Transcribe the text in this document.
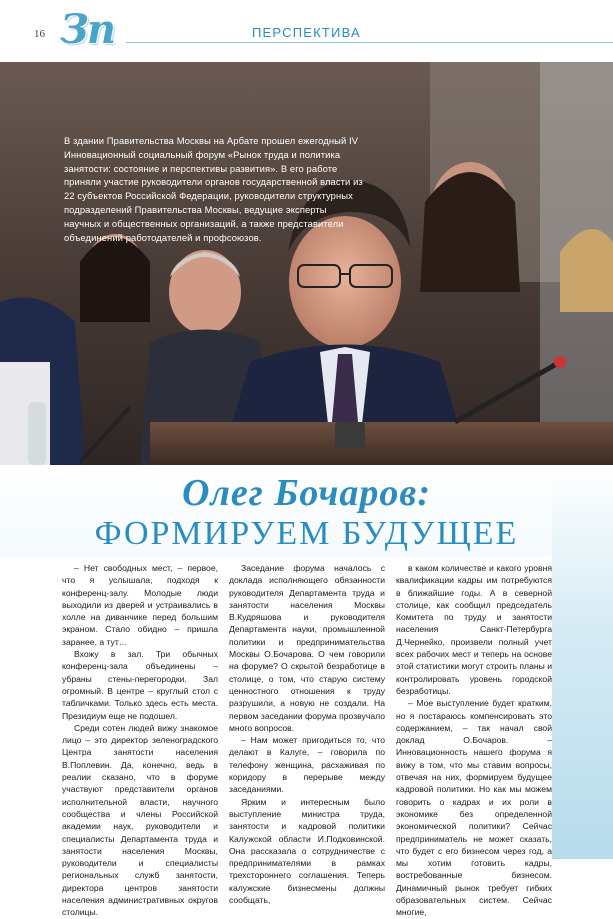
16 Зп	ПЕРСПЕКТИВА
В здании Правительства Москвы на Арбате прошел ежегодный IV Инновационный социальный форум «Рынок труда и политика занятости: состояние и перспективы развития». В его работе приняли участие руководители органов государственной власти из 22 субъектов Российской Федерации, руководители структурных подразделений Правительства Москвы, ведущие эксперты научных и общественных организаций, а также представители объединений работодателей и профсоюзов.
Олег Бочаров:
ФОРМИРУЕМ БУДУЩЕЕ

– Нет свободных мест, – первое, что я услышала, подходя к конференц-залу. Молодые люди выходили из дверей и устраивались в холле на диванчике перед большим экраном. Стало обидно – пришла заранее, а тут…

Вхожу в зал. Три обычных конференц-зала объединены – убраны стены-перегородки. Зал огромный. В центре – круглый стол с табличками. Только здесь есть места. Президиум еще не подошел.

Среди сотен людей вижу знакомое лицо – это директор зеленоградского Центра занятости населения В.Поплевин. Да, конечно, ведь в реалии сказано, что в форуме участвуют представители органов исполнительной власти, научного сообщества и члены Российской академии наук, руководители и специалисты Департамента труда и занятости населения Москвы, руководители и специалисты региональных служб занятости, директора центров занятости населения административных округов столицы.

Заседание форума началось с доклада исполняющего обязанности руководителя Департамента труда и занятости населения Москвы В.Кудряшова и руководителя Департамента науки, промышленной политики и предпринимательства Москвы О.Бочарова. О чем говорили на форуме? О скрытой безработице в столице, о том, что старую систему ценностного отношения к труду разрушили, а новую не создали. На первом заседании форума прозвучало много вопросов.

– Нам может пригодиться то, что делают в Калуге, – говорила по телефону женщина, расхаживая по коридору в перерыве между заседаниями.

Ярким и интересным было выступление министра труда, занятости и кадровой политики Калужской области И.Подковинской. Она рассказала о сотрудничестве с предпринимателями в рамках трехстороннего соглашения. Теперь калужские бизнесмены должны сообщать,

в каком количестве и какого уровня квалификации кадры им потребуются в ближайшие годы. А в северной столице, как сообщил председатель Комитета по труду и занятости населения Санкт-Петербурга Д.Чернейко, произвели полный учет всех рабочих мест и теперь на основе этой статистики могут строить планы и контролировать уровень городской безработицы.

– Мое выступление будет кратким, но я постараюсь компенсировать это содержанием, – так начал свой доклад О.Бочаров. – Инновационность нашего форума я вижу в том, что мы ставим вопросы, отвечая на них, формируем будущее кадровой политики. Но как мы можем говорить о кадрах и их роли в экономике без определенной экономической политики? Сейчас предприниматель не может сказать, что будет с его бизнесом через год, а мы хотим готовить кадры, востребованные бизнесом. Динамичный рынок требует гибких образовательных систем. Сейчас многие,
